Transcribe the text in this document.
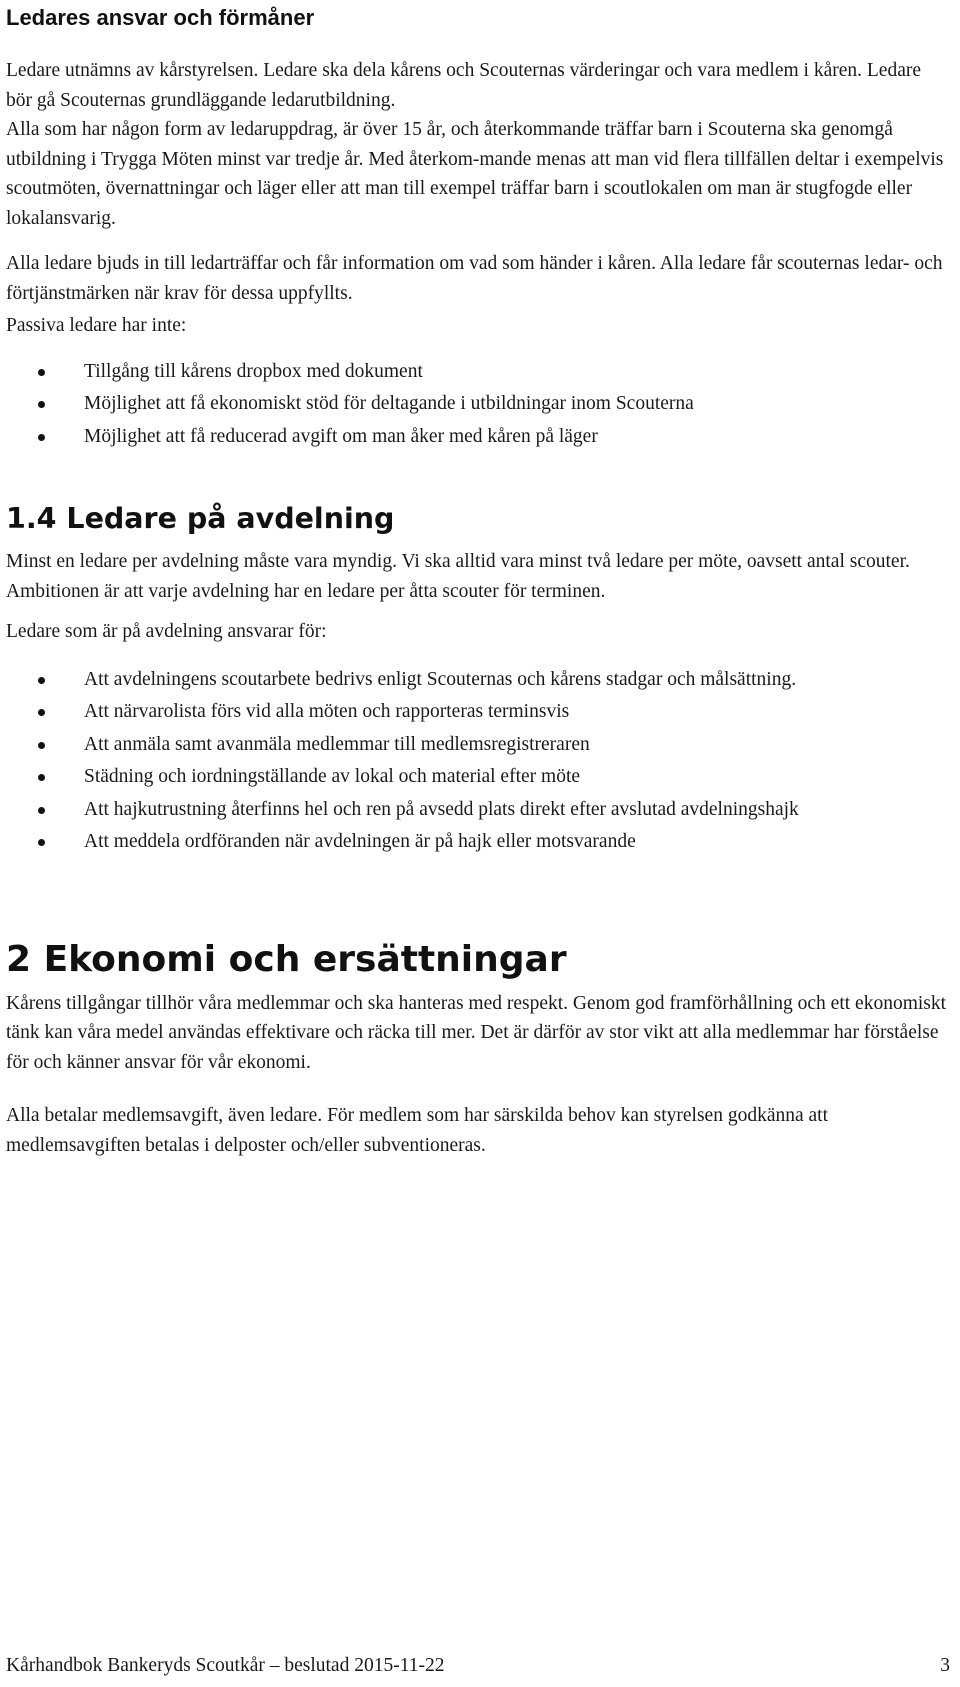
Ledares ansvar och förmåner

Ledare utnämns av kårstyrelsen. Ledare ska dela kårens och Scouternas värderingar och vara medlem i kåren. Ledare bör gå Scouternas grundläggande ledarutbildning.

Alla som har någon form av ledaruppdrag, är över 15 år, och återkommande träffar barn i Scouterna ska genomgå utbildning i Trygga Möten minst var tredje år. Med återkom-mande menas att man vid flera tillfällen deltar i exempelvis scoutmöten, övernattningar och läger eller att man till exempel träffar barn i scoutlokalen om man är stugfogde eller lokalansvarig.

Alla ledare bjuds in till ledarträffar och får information om vad som händer i kåren. Alla ledare får scouternas ledar- och förtjänstmärken när krav för dessa uppfyllts.

Passiva ledare har inte:

Tillgång till kårens dropbox med dokument
Möjlighet att få ekonomiskt stöd för deltagande i utbildningar inom Scouterna
Möjlighet att få reducerad avgift om man åker med kåren på läger
1.4 Ledare på avdelning

Minst en ledare per avdelning måste vara myndig. Vi ska alltid vara minst två ledare per möte, oavsett antal scouter. Ambitionen är att varje avdelning har en ledare per åtta scouter för terminen.

Ledare som är på avdelning ansvarar för:

Att avdelningens scoutarbete bedrivs enligt Scouternas och kårens stadgar och målsättning.
Att närvarolista förs vid alla möten och rapporteras terminsvis
Att anmäla samt avanmäla medlemmar till medlemsregistreraren
Städning och iordningställande av lokal och material efter möte
Att hajkutrustning återfinns hel och ren på avsedd plats direkt efter avslutad avdelningshajk
Att meddela ordföranden när avdelningen är på hajk eller motsvarande
2 Ekonomi och ersättningar

Kårens tillgångar tillhör våra medlemmar och ska hanteras med respekt. Genom god framförhållning och ett ekonomiskt tänk kan våra medel användas effektivare och räcka till mer. Det är därför av stor vikt att alla medlemmar har förståelse för och känner ansvar för vår ekonomi.

Alla betalar medlemsavgift, även ledare. För medlem som har särskilda behov kan styrelsen godkänna att medlemsavgiften betalas i delposter och/eller subventioneras.

Kårhandbok Bankeryds Scoutkår – beslutad 2015-11-22	3
